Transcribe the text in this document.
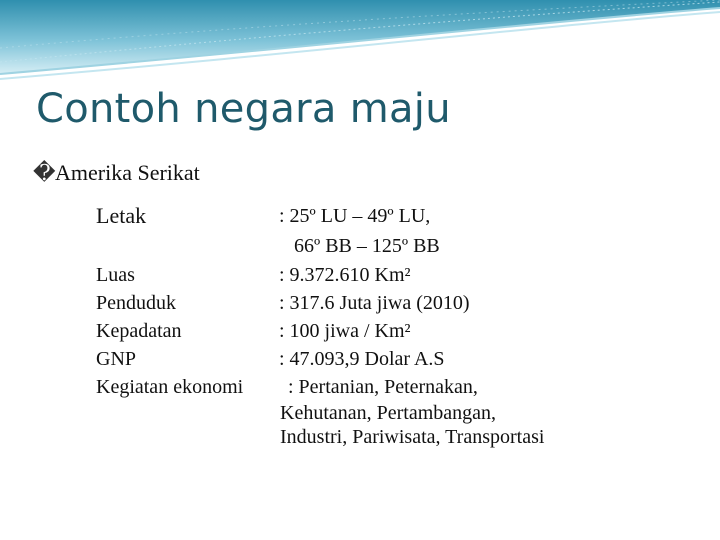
Contoh negara maju
�Amerika Serikat
Letak	: 25º LU – 49º LU,
66º BB – 125º BB
Luas	: 9.372.610 Km²
Penduduk	: 317.6 Juta jiwa (2010)
Kepadatan	: 100 jiwa / Km²
GNP	: 47.093,9 Dolar A.S
Kegiatan ekonomi : Pertanian, Peternakan,
Kehutanan, Pertambangan,
Industri, Pariwisata, Transportasi
